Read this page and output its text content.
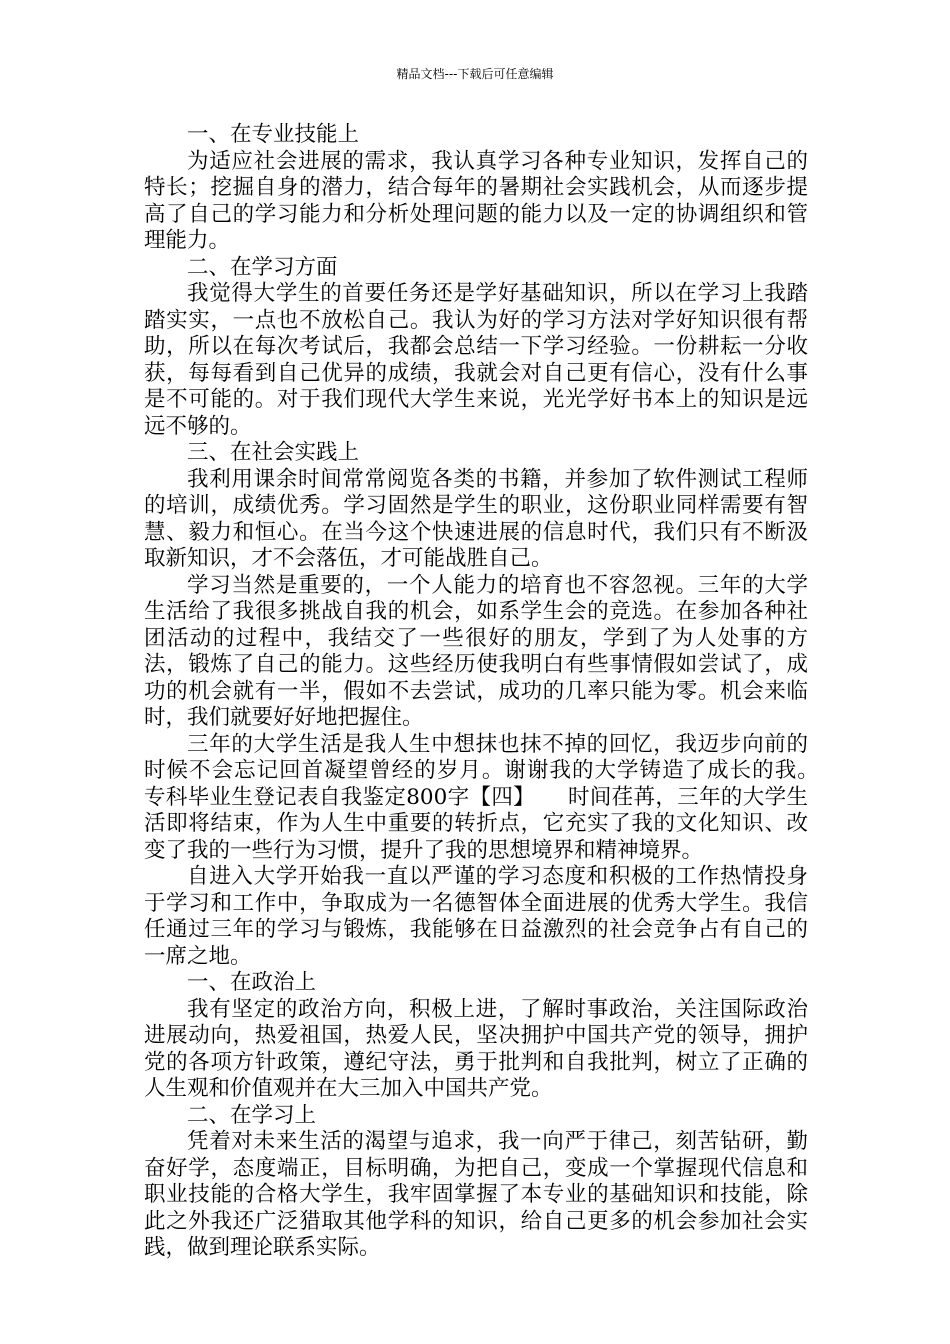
精品文档---下载后可任意编辑

一、在专业技能上

为适应社会进展的需求，我认真学习各种专业知识，发挥自己的特长；挖掘自身的潜力，结合每年的暑期社会实践机会，从而逐步提高了自己的学习能力和分析处理问题的能力以及一定的协调组织和管理能力。

二、在学习方面

我觉得大学生的首要任务还是学好基础知识，所以在学习上我踏踏实实，一点也不放松自己。我认为好的学习方法对学好知识很有帮助，所以在每次考试后，我都会总结一下学习经验。一份耕耘一分收获，每每看到自己优异的成绩，我就会对自己更有信心，没有什么事是不可能的。对于我们现代大学生来说，光光学好书本上的知识是远远不够的。

三、在社会实践上

我利用课余时间常常阅览各类的书籍，并参加了软件测试工程师的培训，成绩优秀。学习固然是学生的职业，这份职业同样需要有智慧、毅力和恒心。在当今这个快速进展的信息时代，我们只有不断汲取新知识，才不会落伍，才可能战胜自己。

学习当然是重要的，一个人能力的培育也不容忽视。三年的大学生活给了我很多挑战自我的机会，如系学生会的竞选。在参加各种社团活动的过程中，我结交了一些很好的朋友，学到了为人处事的方法，锻炼了自己的能力。这些经历使我明白有些事情假如尝试了，成功的机会就有一半，假如不去尝试，成功的几率只能为零。机会来临时，我们就要好好地把握住。

三年的大学生活是我人生中想抹也抹不掉的回忆，我迈步向前的时候不会忘记回首凝望曾经的岁月。谢谢我的大学铸造了成长的我。　　专科毕业生登记表自我鉴定800字【四】　　时间荏苒，三年的大学生活即将结束，作为人生中重要的转折点，它充实了我的文化知识、改变了我的一些行为习惯，提升了我的思想境界和精神境界。

自进入大学开始我一直以严谨的学习态度和积极的工作热情投身于学习和工作中，争取成为一名德智体全面进展的优秀大学生。我信任通过三年的学习与锻炼，我能够在日益激烈的社会竞争占有自己的一席之地。

一、在政治上

我有坚定的政治方向，积极上进，了解时事政治，关注国际政治进展动向，热爱祖国，热爱人民，坚决拥护中国共产党的领导，拥护党的各项方针政策，遵纪守法，勇于批判和自我批判，树立了正确的人生观和价值观并在大三加入中国共产党。

二、在学习上

凭着对未来生活的渴望与追求，我一向严于律己，刻苦钻研，勤奋好学，态度端正，目标明确，为把自己，变成一个掌握现代信息和职业技能的合格大学生，我牢固掌握了本专业的基础知识和技能，除此之外我还广泛猎取其他学科的知识，给自己更多的机会参加社会实践，做到理论联系实际。
